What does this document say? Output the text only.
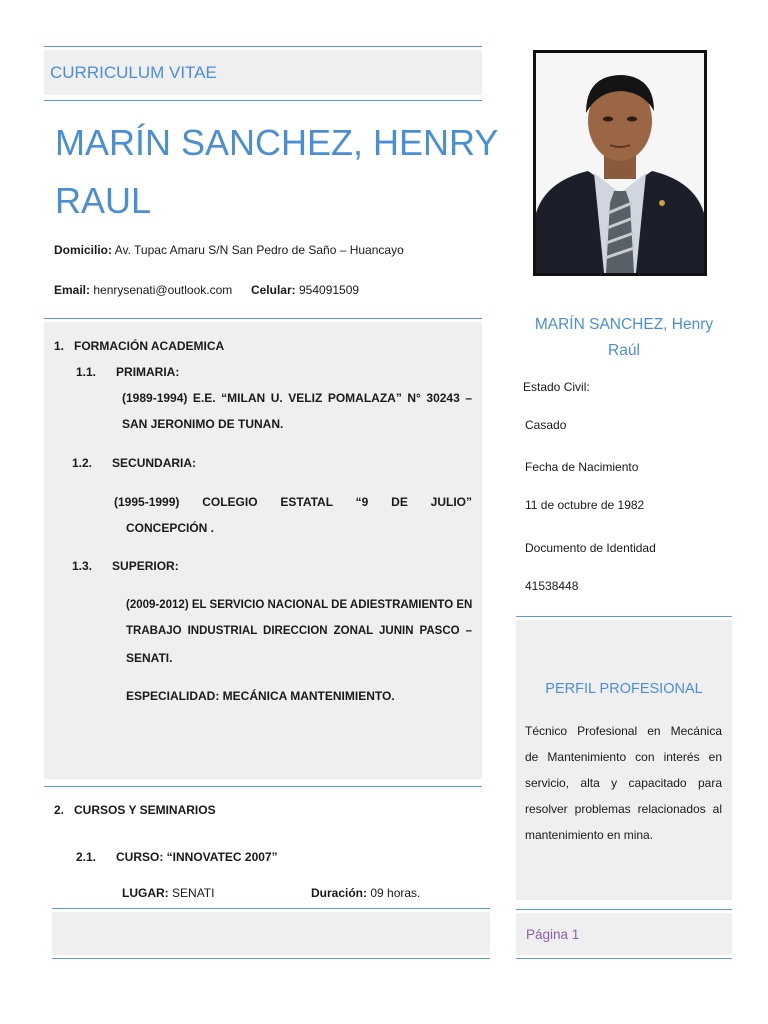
CURRICULUM VITAE
MARÍN SANCHEZ, HENRY
RAUL
Domicilio: Av. Tupac Amaru S/N San Pedro de Saño – Huancayo
Email: henrysenati@outlook.com Celular: 954091509
1.   FORMACIÓN ACADEMICA
1.1.      PRIMARIA:
(1989-1994) E.E. “MILAN U. VELIZ POMALAZA” N° 30243 –
SAN JERONIMO DE TUNAN.
1.2.      SECUNDARIA:
(1995-1999)   COLEGIO   ESTATAL   “9   DE   JULIO”
CONCEPCIÓN .
1.3.      SUPERIOR:
(2009-2012) EL SERVICIO NACIONAL DE ADIESTRAMIENTO EN
TRABAJO INDUSTRIAL DIRECCION ZONAL JUNIN PASCO –
SENATI.
ESPECIALIDAD: MECÁNICA MANTENIMIENTO.
2.   CURSOS Y SEMINARIOS
2.1.      CURSO: “INNOVATEC 2007”
LUGAR: SENATI	Duración: 09 horas.
MARÍN SANCHEZ, Henry
Raúl
Estado Civil:
Casado
Fecha de Nacimiento
11 de octubre de 1982
Documento de Identidad
41538448
PERFIL PROFESIONAL
Técnico  Profesional  en  Mecánica
de  Mantenimiento  con  interés  en
servicio,  alta  y  capacitado  para
resolver problemas relacionados al
mantenimiento en mina.
Página 1
